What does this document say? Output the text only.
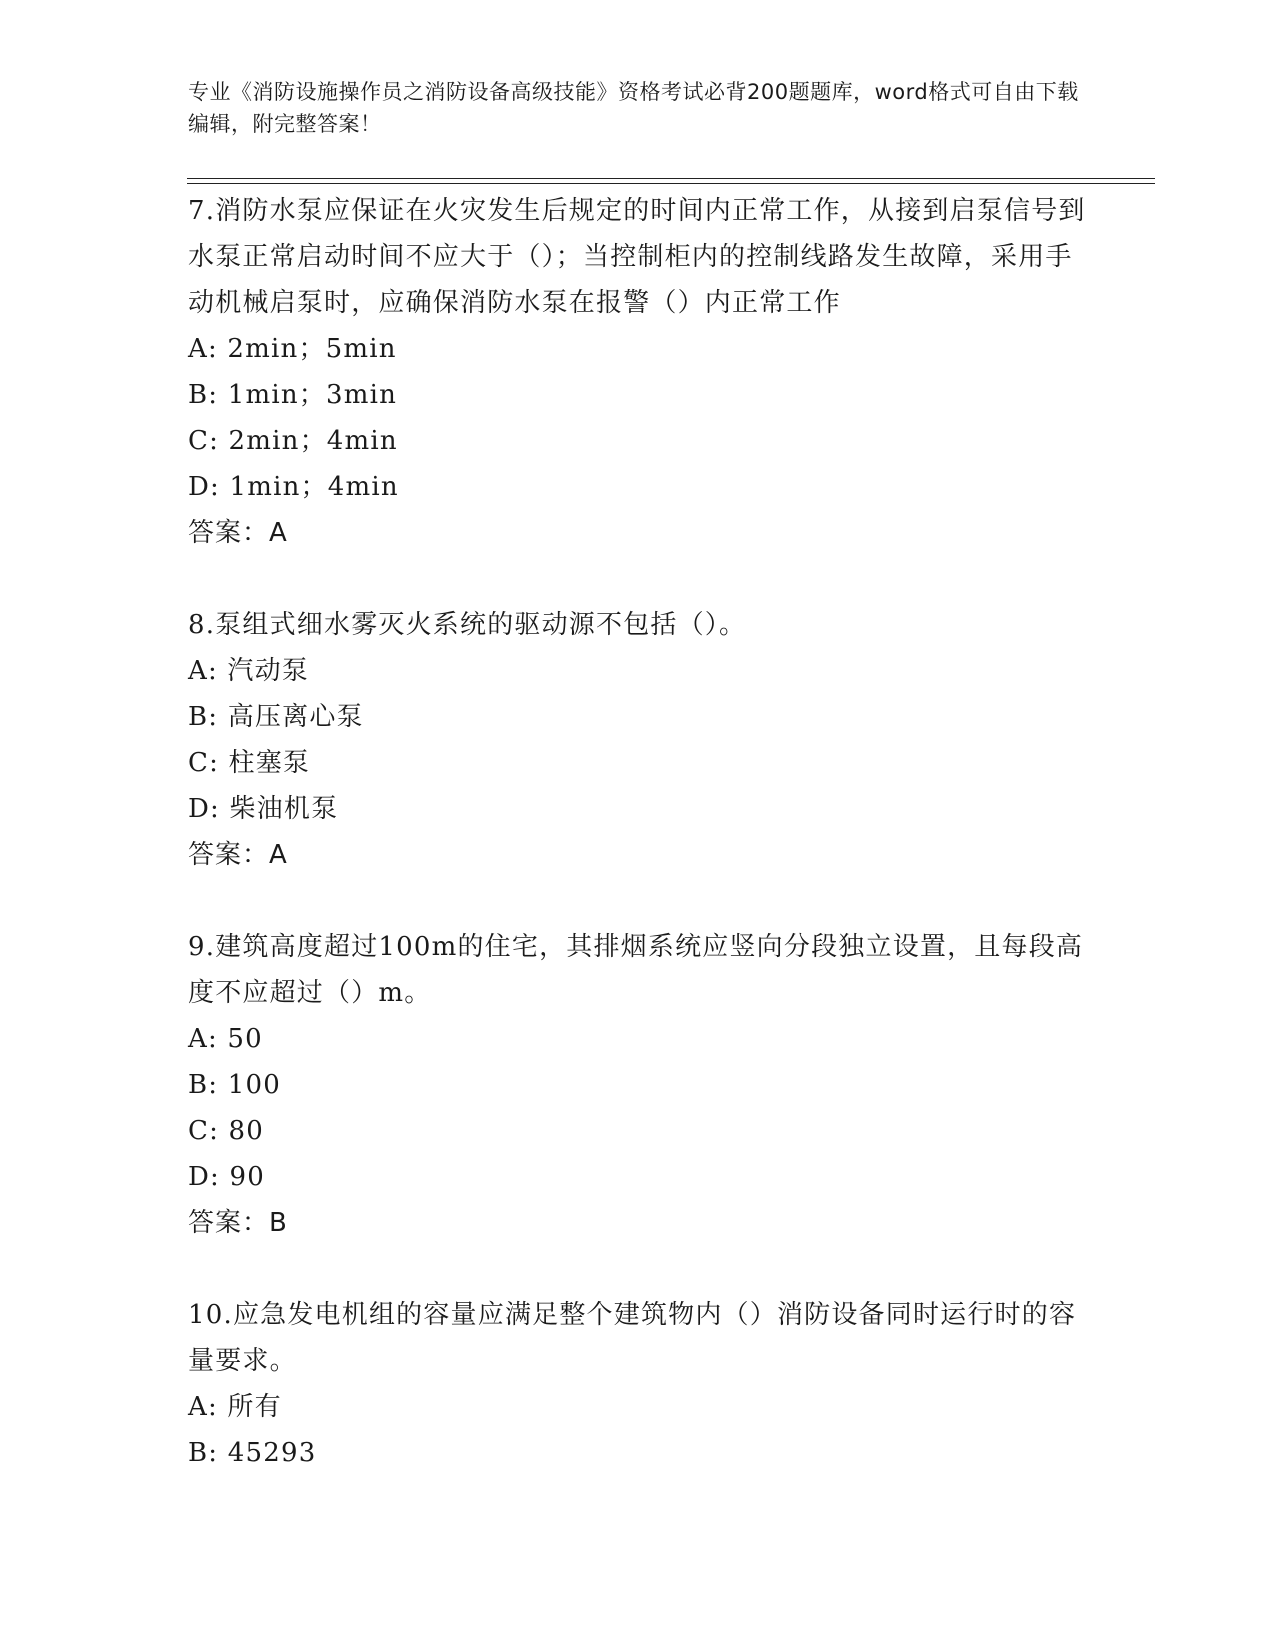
专业《消防设施操作员之消防设备高级技能》资格考试必背200题题库，word格式可自由下载编辑，附完整答案！

7.消防水泵应保证在火灾发生后规定的时间内正常工作，从接到启泵信号到水泵正常启动时间不应大于（）；当控制柜内的控制线路发生故障，采用手动机械启泵时，应确保消防水泵在报警（）内正常工作

A: 2min；5min

B: 1min；3min

C: 2min；4min

D: 1min；4min

答案：A

8.泵组式细水雾灭火系统的驱动源不包括（）。

A: 汽动泵

B: 高压离心泵

C: 柱塞泵

D: 柴油机泵

答案：A

9.建筑高度超过100m的住宅，其排烟系统应竖向分段独立设置，且每段高度不应超过（）m。

A: 50

B: 100

C: 80

D: 90

答案：B

10.应急发电机组的容量应满足整个建筑物内（）消防设备同时运行时的容量要求。

A: 所有

B: 45293
